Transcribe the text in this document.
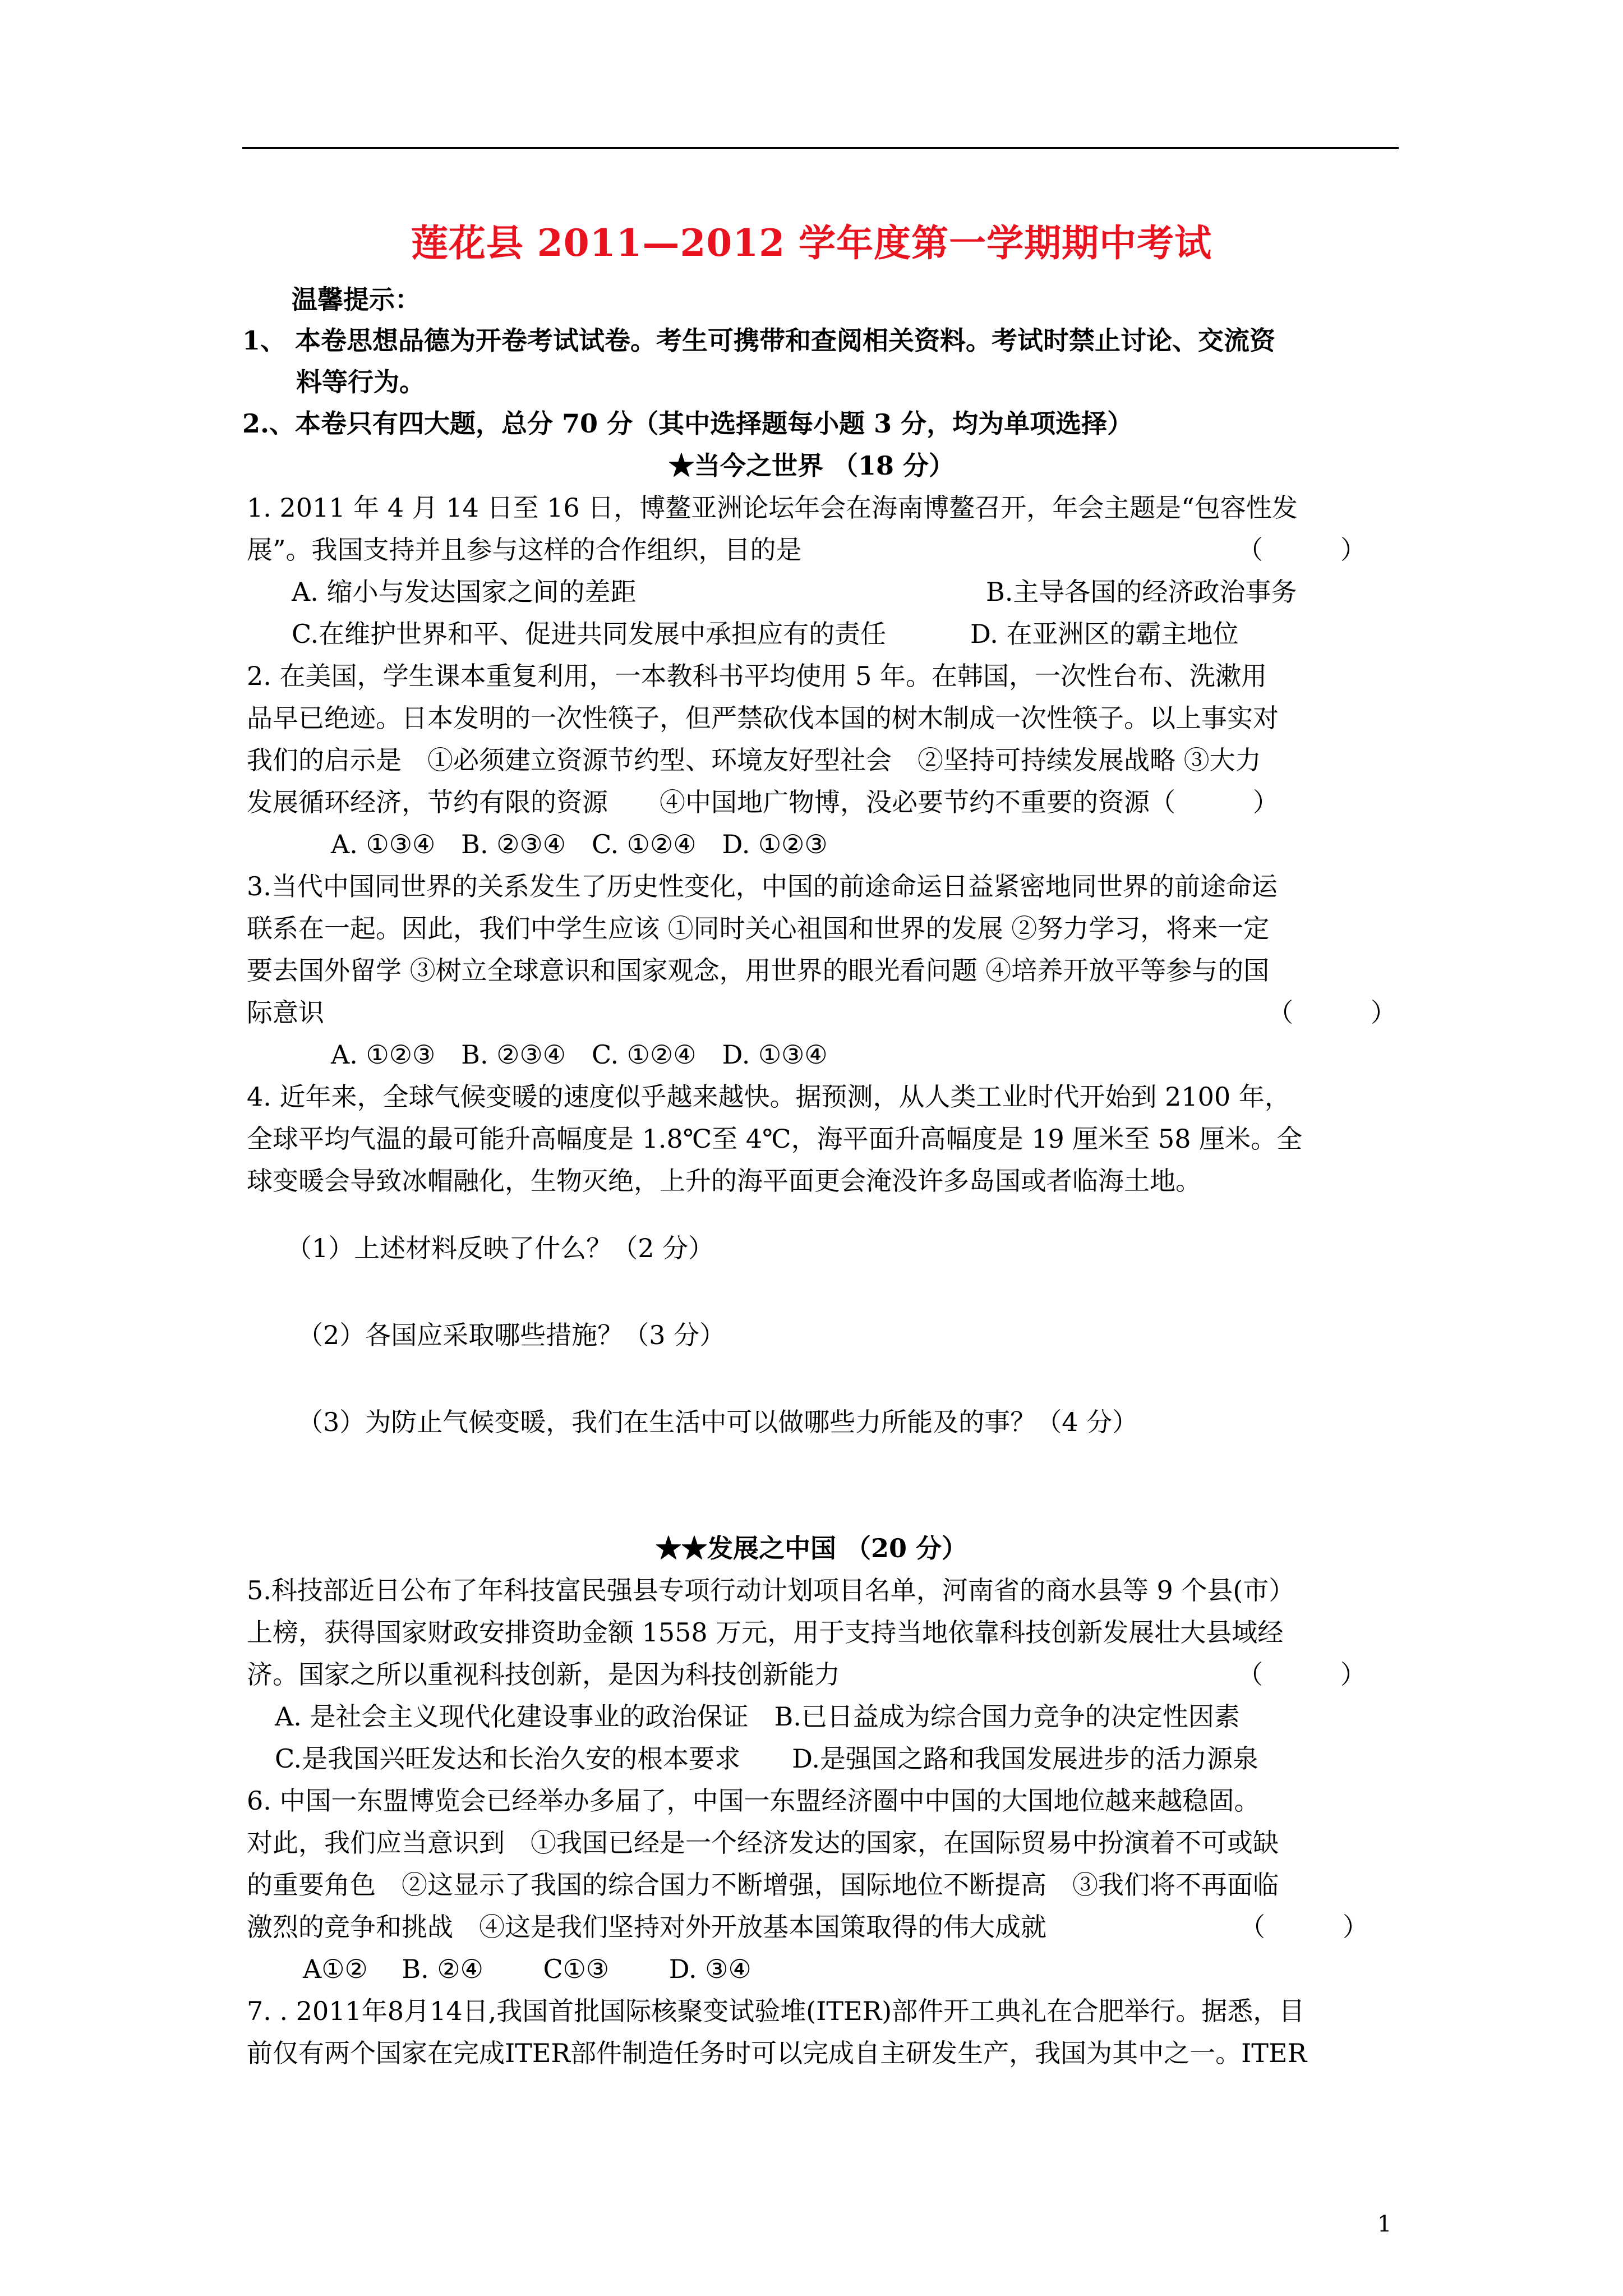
莲花县 2011—2012 学年度第一学期期中考试
温馨提示：
1、 本卷思想品德为开卷考试试卷。考生可携带和查阅相关资料。考试时禁止讨论、交流资
料等行为。
2.、本卷只有四大题，总分 70 分（其中选择题每小题 3 分，均为单项选择）
★当今之世界 （18 分）
1. 2011 年 4 月 14 日至 16 日，博鳌亚洲论坛年会在海南博鳌召开，年会主题是“包容性发
展”。我国支持并且参与这样的合作组织，目的是	（　　　）
A. 缩小与发达国家之间的差距	B.主导各国的经济政治事务
C.在维护世界和平、促进共同发展中承担应有的责任	D. 在亚洲区的霸主地位
2. 在美国，学生课本重复利用，一本教科书平均使用 5 年。在韩国，一次性台布、洗漱用
品早已绝迹。日本发明的一次性筷子，但严禁砍伐本国的树木制成一次性筷子。以上事实对
我们的启示是　①必须建立资源节约型、环境友好型社会　②坚持可持续发展战略 ③大力
发展循环经济，节约有限的资源　　④中国地广物博，没必要节约不重要的资源（　　　）
A. ①③④　B. ②③④　C. ①②④　D. ①②③
3.当代中国同世界的关系发生了历史性变化，中国的前途命运日益紧密地同世界的前途命运
联系在一起。因此，我们中学生应该 ①同时关心祖国和世界的发展 ②努力学习，将来一定
要去国外留学 ③树立全球意识和国家观念，用世界的眼光看问题 ④培养开放平等参与的国
际意识	（　　　）
A. ①②③　B. ②③④　C. ①②④　D. ①③④
4. 近年来，全球气候变暖的速度似乎越来越快。据预测，从人类工业时代开始到 2100 年，
全球平均气温的最可能升高幅度是 1.8℃至 4℃，海平面升高幅度是 19 厘米至 58 厘米。全
球变暖会导致冰帽融化，生物灭绝，上升的海平面更会淹没许多岛国或者临海土地。
（1）上述材料反映了什么？（2 分）
（2）各国应采取哪些措施？（3 分）
（3）为防止气候变暖，我们在生活中可以做哪些力所能及的事？（4 分）
★★发展之中国 （20 分）
5.科技部近日公布了年科技富民强县专项行动计划项目名单，河南省的商水县等 9 个县(市）
上榜，获得国家财政安排资助金额 1558 万元，用于支持当地依靠科技创新发展壮大县域经
济。国家之所以重视科技创新，是因为科技创新能力	（　　　）
A. 是社会主义现代化建设事业的政治保证　B.已日益成为综合国力竞争的决定性因素
C.是我国兴旺发达和长治久安的根本要求　　D.是强国之路和我国发展进步的活力源泉
6. 中国一东盟博览会已经举办多届了，中国一东盟经济圈中中国的大国地位越来越稳固。
对此，我们应当意识到　①我国已经是一个经济发达的国家，在国际贸易中扮演着不可或缺
的重要角色　②这显示了我国的综合国力不断增强，国际地位不断提高　③我们将不再面临
激烈的竞争和挑战　④这是我们坚持对外开放基本国策取得的伟大成就	（　　　）
A①②　 B. ②④　　 C①③　　 D. ③④
7. . 2011年8月14日,我国首批国际核聚变试验堆(ITER)部件开工典礼在合肥举行。据悉，目
前仅有两个国家在完成ITER部件制造任务时可以完成自主研发生产，我国为其中之一。ITER
1
